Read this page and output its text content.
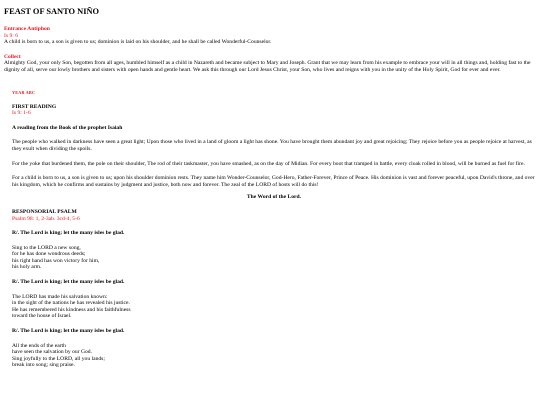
FEAST OF SANTO NIÑO
Entrance Antiphon
Is 9: 6
A child is born to us, a son is given to us; dominion is laid on his shoulder, and he shall be called Wonderful-Counselor.
Collect
Almighty God, your only Son, begotten from all ages, humbled himself as a child in Nazareth and became subject to Mary and Joseph. Grant that we may learn from his example to embrace your will in all things and, holding fast to the dignity of all, serve our lowly brothers and sisters with open hands and gentle heart. We ask this through our Lord Jesus Christ, your Son, who lives and reigns with you in the unity of the Holy Spirit, God for ever and ever.
YEAR ABC
FIRST READING
Is 9: 1-6
A reading from the Book of the prophet Isaiah
The people who walked in darkness have seen a great light; Upon those who lived in a land of gloom a light has shone. You have brought them abundant joy and great rejoicing; They rejoice before you as people rejoice at harvest, as they exult when dividing the spoils.
For the yoke that burdened them, the pole on their shoulder, The rod of their taskmaster, you have smashed, as on the day of Midian. For every boot that tramped in battle, every cloak rolled in blood, will be burned as fuel for fire.
For a child is born to us, a son is given to us; upon his shoulder dominion rests. They name him Wonder-Counselor, God-Hero, Father-Forever, Prince of Peace. His dominion is vast and forever peaceful, upon David's throne, and over his kingdom, which he confirms and sustains by judgment and justice, both now and forever. The zeal of the LORD of hosts will do this!
The Word of the Lord.
RESPONSORIAL PSALM
Psalm 98: 1, 2-3ab. 3cd-4, 5-6
R/. The Lord is king; let the many isles be glad.
Sing to the LORD a new song,
for he has done wondrous deeds;
his right hand has won victory for him,
his holy arm.
R/. The Lord is king; let the many isles be glad.
The LORD has made his salvation known:
in the sight of the nations he has revealed his justice.
He has remembered his kindness and his faithfulness
toward the house of Israel.
R/. The Lord is king; let the many isles be glad.
All the ends of the earth
have seen the salvation by our God.
Sing joyfully to the LORD, all you lands;
break into song; sing praise.
